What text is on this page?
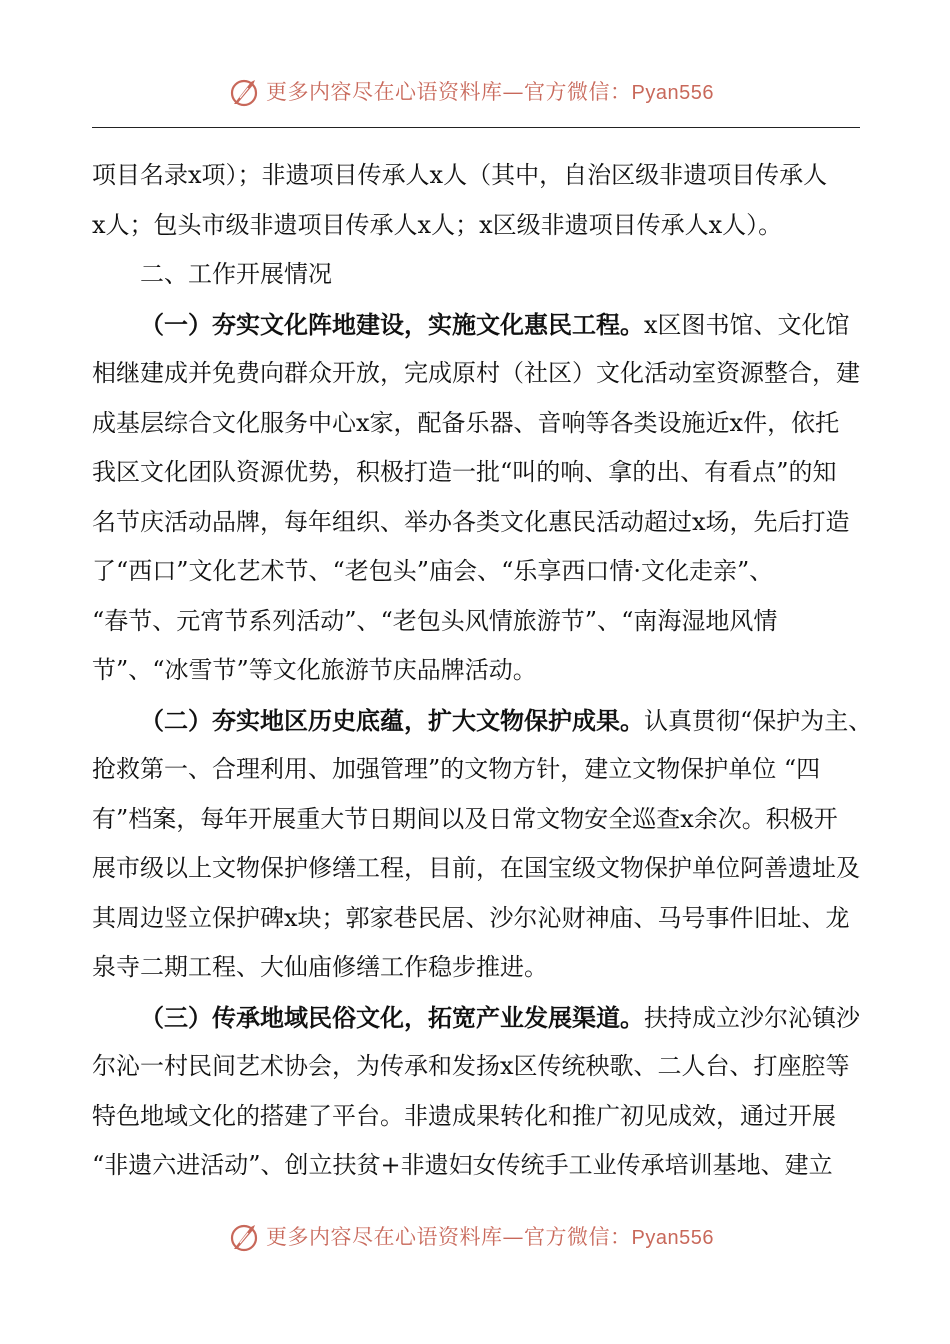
更多内容尽在心语资料库—官方微信：Pyan556
项目名录x项）；非遗项目传承人x人（其中，自治区级非遗项目传承人
x人；包头市级非遗项目传承人x人；x区级非遗项目传承人x人）。
二、工作开展情况
（一）夯实文化阵地建设，实施文化惠民工程。x区图书馆、文化馆
相继建成并免费向群众开放，完成原村（社区）文化活动室资源整合，建
成基层综合文化服务中心x家，配备乐器、音响等各类设施近x件，依托
我区文化团队资源优势，积极打造一批“叫的响、拿的出、有看点”的知
名节庆活动品牌，每年组织、举办各类文化惠民活动超过x场，先后打造
了“西口”文化艺术节、“老包头”庙会、“乐享西口情·文化走亲”、
“春节、元宵节系列活动”、“老包头风情旅游节”、“南海湿地风情
节”、“冰雪节”等文化旅游节庆品牌活动。
（二）夯实地区历史底蕴，扩大文物保护成果。认真贯彻“保护为主、
抢救第一、合理利用、加强管理”的文物方针，建立文物保护单位 “四
有”档案，每年开展重大节日期间以及日常文物安全巡查x余次。积极开
展市级以上文物保护修缮工程，目前，在国宝级文物保护单位阿善遗址及
其周边竖立保护碑x块；郭家巷民居、沙尔沁财神庙、马号事件旧址、龙
泉寺二期工程、大仙庙修缮工作稳步推进。
（三）传承地域民俗文化，拓宽产业发展渠道。扶持成立沙尔沁镇沙
尔沁一村民间艺术协会，为传承和发扬x区传统秧歌、二人台、打座腔等
特色地域文化的搭建了平台。非遗成果转化和推广初见成效，通过开展
“非遗六进活动”、创立扶贫+非遗妇女传统手工业传承培训基地、建立
更多内容尽在心语资料库—官方微信：Pyan556
